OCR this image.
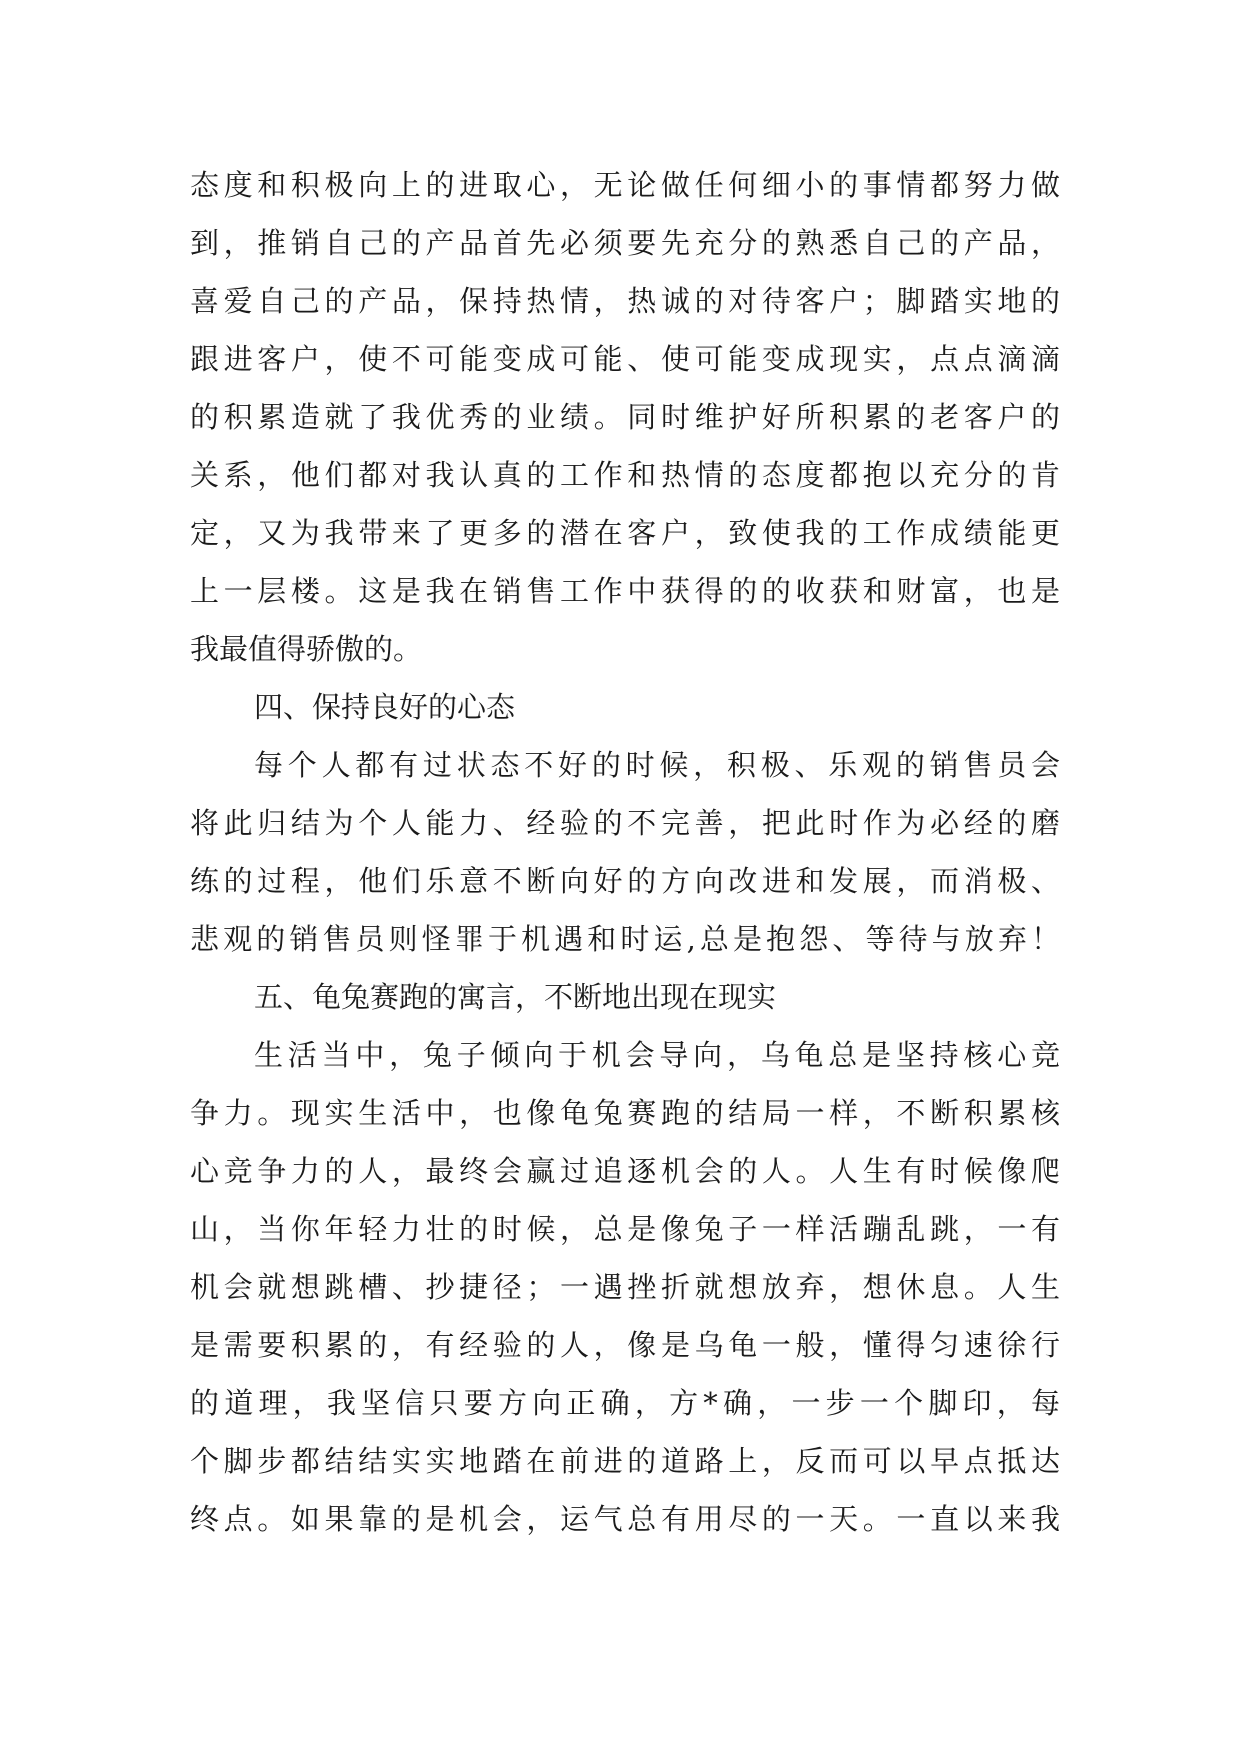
态度和积极向上的进取心，无论做任何细小的事情都努力做
到，推销自己的产品首先必须要先充分的熟悉自己的产品，
喜爱自己的产品，保持热情，热诚的对待客户；脚踏实地的
跟进客户，使不可能变成可能、使可能变成现实，点点滴滴
的积累造就了我优秀的业绩。同时维护好所积累的老客户的
关系，他们都对我认真的工作和热情的态度都抱以充分的肯
定，又为我带来了更多的潜在客户，致使我的工作成绩能更
上一层楼。这是我在销售工作中获得的的收获和财富，也是
我最值得骄傲的。
四、保持良好的心态
每个人都有过状态不好的时候，积极、乐观的销售员会
将此归结为个人能力、经验的不完善，把此时作为必经的磨
练的过程，他们乐意不断向好的方向改进和发展，而消极、
悲观的销售员则怪罪于机遇和时运,总是抱怨、等待与放弃！
五、龟兔赛跑的寓言，不断地出现在现实
生活当中，兔子倾向于机会导向，乌龟总是坚持核心竞
争力。现实生活中，也像龟兔赛跑的结局一样，不断积累核
心竞争力的人，最终会赢过追逐机会的人。人生有时候像爬
山，当你年轻力壮的时候，总是像兔子一样活蹦乱跳，一有
机会就想跳槽、抄捷径；一遇挫折就想放弃，想休息。人生
是需要积累的，有经验的人，像是乌龟一般，懂得匀速徐行
的道理，我坚信只要方向正确，方*确，一步一个脚印，每
个脚步都结结实实地踏在前进的道路上，反而可以早点抵达
终点。如果靠的是机会，运气总有用尽的一天。一直以来我
